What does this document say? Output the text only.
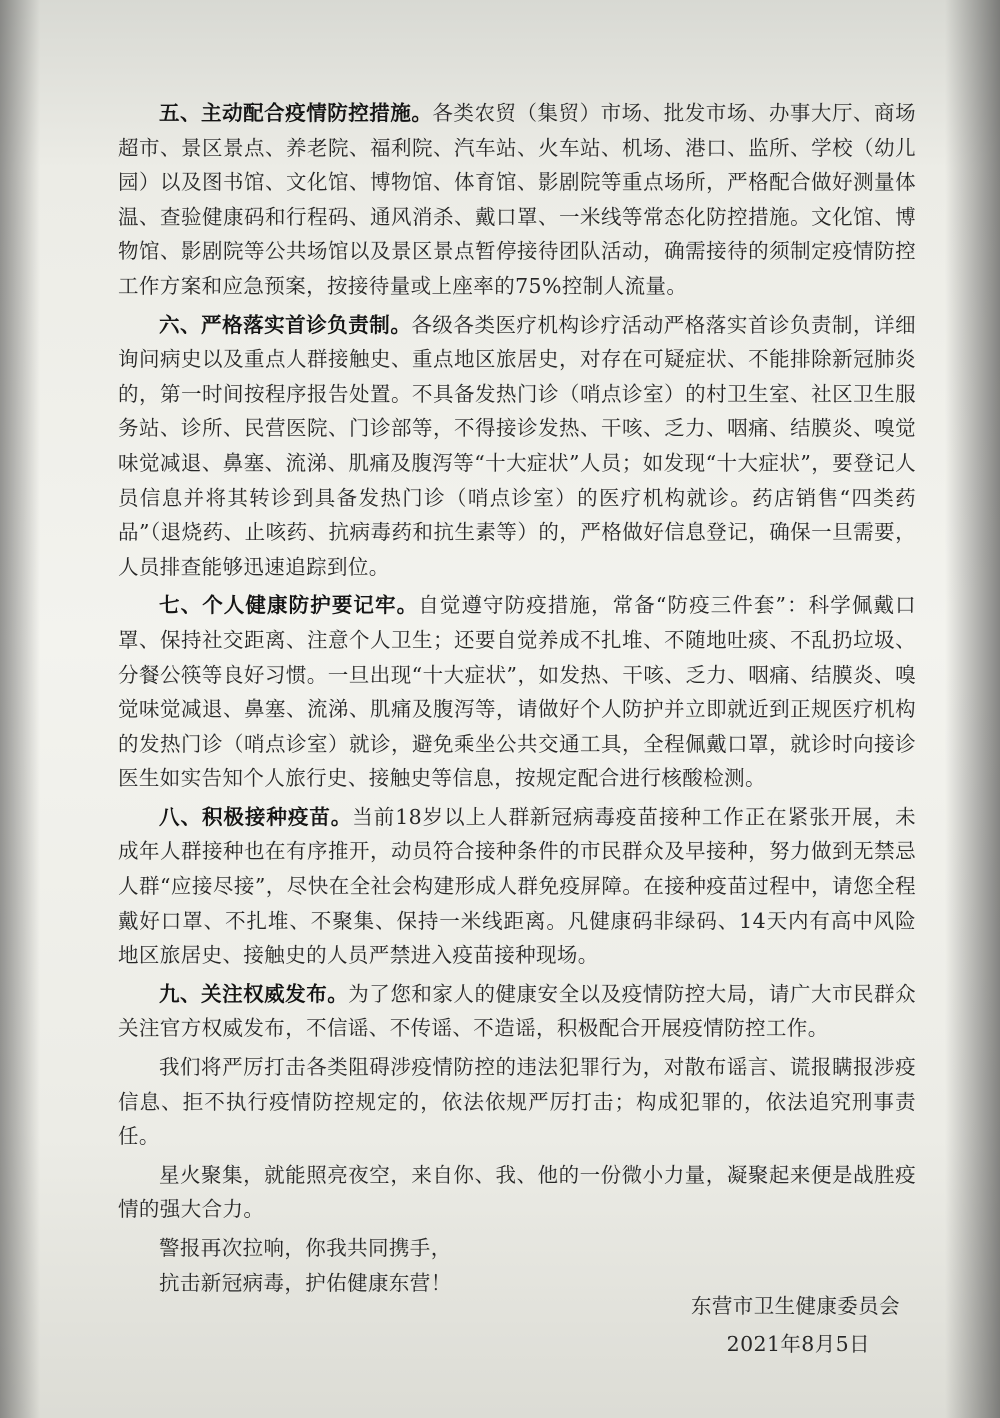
五、主动配合疫情防控措施。各类农贸（集贸）市场、批发市场、办事大厅、商场超市、景区景点、养老院、福利院、汽车站、火车站、机场、港口、监所、学校（幼儿园）以及图书馆、文化馆、博物馆、体育馆、影剧院等重点场所，严格配合做好测量体温、查验健康码和行程码、通风消杀、戴口罩、一米线等常态化防控措施。文化馆、博物馆、影剧院等公共场馆以及景区景点暂停接待团队活动，确需接待的须制定疫情防控工作方案和应急预案，按接待量或上座率的75%控制人流量。

六、严格落实首诊负责制。各级各类医疗机构诊疗活动严格落实首诊负责制，详细询问病史以及重点人群接触史、重点地区旅居史，对存在可疑症状、不能排除新冠肺炎的，第一时间按程序报告处置。不具备发热门诊（哨点诊室）的村卫生室、社区卫生服务站、诊所、民营医院、门诊部等，不得接诊发热、干咳、乏力、咽痛、结膜炎、嗅觉味觉减退、鼻塞、流涕、肌痛及腹泻等“十大症状”人员；如发现“十大症状”，要登记人员信息并将其转诊到具备发热门诊（哨点诊室）的医疗机构就诊。药店销售“四类药品”（退烧药、止咳药、抗病毒药和抗生素等）的，严格做好信息登记，确保一旦需要，人员排查能够迅速追踪到位。

七、个人健康防护要记牢。自觉遵守防疫措施，常备“防疫三件套”：科学佩戴口罩、保持社交距离、注意个人卫生；还要自觉养成不扎堆、不随地吐痰、不乱扔垃圾、分餐公筷等良好习惯。一旦出现“十大症状”，如发热、干咳、乏力、咽痛、结膜炎、嗅觉味觉减退、鼻塞、流涕、肌痛及腹泻等，请做好个人防护并立即就近到正规医疗机构的发热门诊（哨点诊室）就诊，避免乘坐公共交通工具，全程佩戴口罩，就诊时向接诊医生如实告知个人旅行史、接触史等信息，按规定配合进行核酸检测。

八、积极接种疫苗。当前18岁以上人群新冠病毒疫苗接种工作正在紧张开展，未成年人群接种也在有序推开，动员符合接种条件的市民群众及早接种，努力做到无禁忌人群“应接尽接”，尽快在全社会构建形成人群免疫屏障。在接种疫苗过程中，请您全程戴好口罩、不扎堆、不聚集、保持一米线距离。凡健康码非绿码、14天内有高中风险地区旅居史、接触史的人员严禁进入疫苗接种现场。

九、关注权威发布。为了您和家人的健康安全以及疫情防控大局，请广大市民群众关注官方权威发布，不信谣、不传谣、不造谣，积极配合开展疫情防控工作。

我们将严厉打击各类阻碍涉疫情防控的违法犯罪行为，对散布谣言、谎报瞒报涉疫信息、拒不执行疫情防控规定的，依法依规严厉打击；构成犯罪的，依法追究刑事责任。

星火聚集，就能照亮夜空，来自你、我、他的一份微小力量，凝聚起来便是战胜疫情的强大合力。

警报再次拉响，你我共同携手，

抗击新冠病毒，护佑健康东营！

东营市卫生健康委员会
2021年8月5日
